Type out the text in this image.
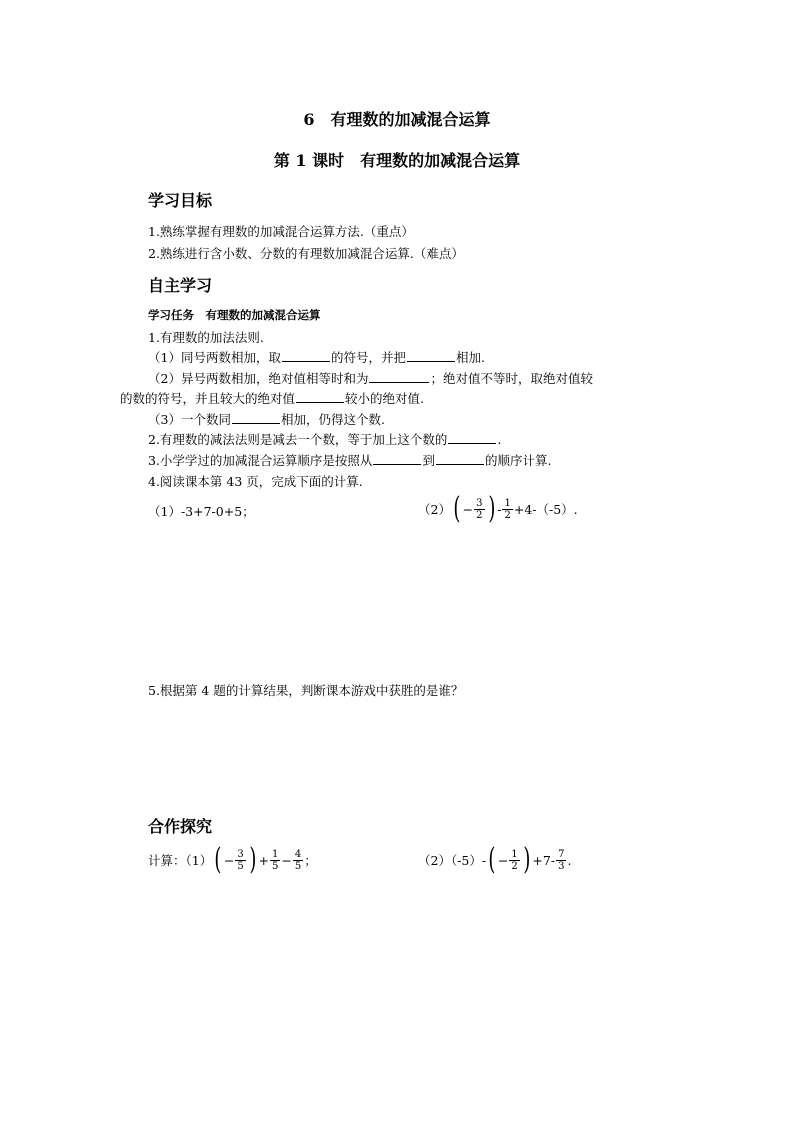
6　有理数的加减混合运算
第 1 课时　有理数的加减混合运算
学习目标
1.熟练掌握有理数的加减混合运算方法.（重点）
2.熟练进行含小数、分数的有理数加减混合运算.（难点）
自主学习
学习任务　有理数的加减混合运算
1.有理数的加法法则.
（1）同号两数相加，取	的符号，并把	相加.
（2）异号两数相加，绝对值相等时和为	；绝对值不等时，取绝对值较
的数的符号，并且较大的绝对值	较小的绝对值.
（3）一个数同	相加，仍得这个数.
2.有理数的减法法则是减去一个数，等于加上这个数的	.
3.小学学过的加减混合运算顺序是按照从	到	的顺序计算.
4.阅读课本第 43 页，完成下面的计算.
（1）-3+7-0+5；	（2） ( − $\frac{3}{2}$ ) - $\frac{1}{2} +4-(-5)$.
5.根据第 4 题的计算结果，判断课本游戏中获胜的是谁？
合作探究
计算：（1） ( − $\frac{3}{5}$ ) + $\frac{1}{5} - \frac{4}{5}$ ；	（2）（-5）- ( − $\frac{1}{2}$ ) $+7- \frac{7}{3}$ .
